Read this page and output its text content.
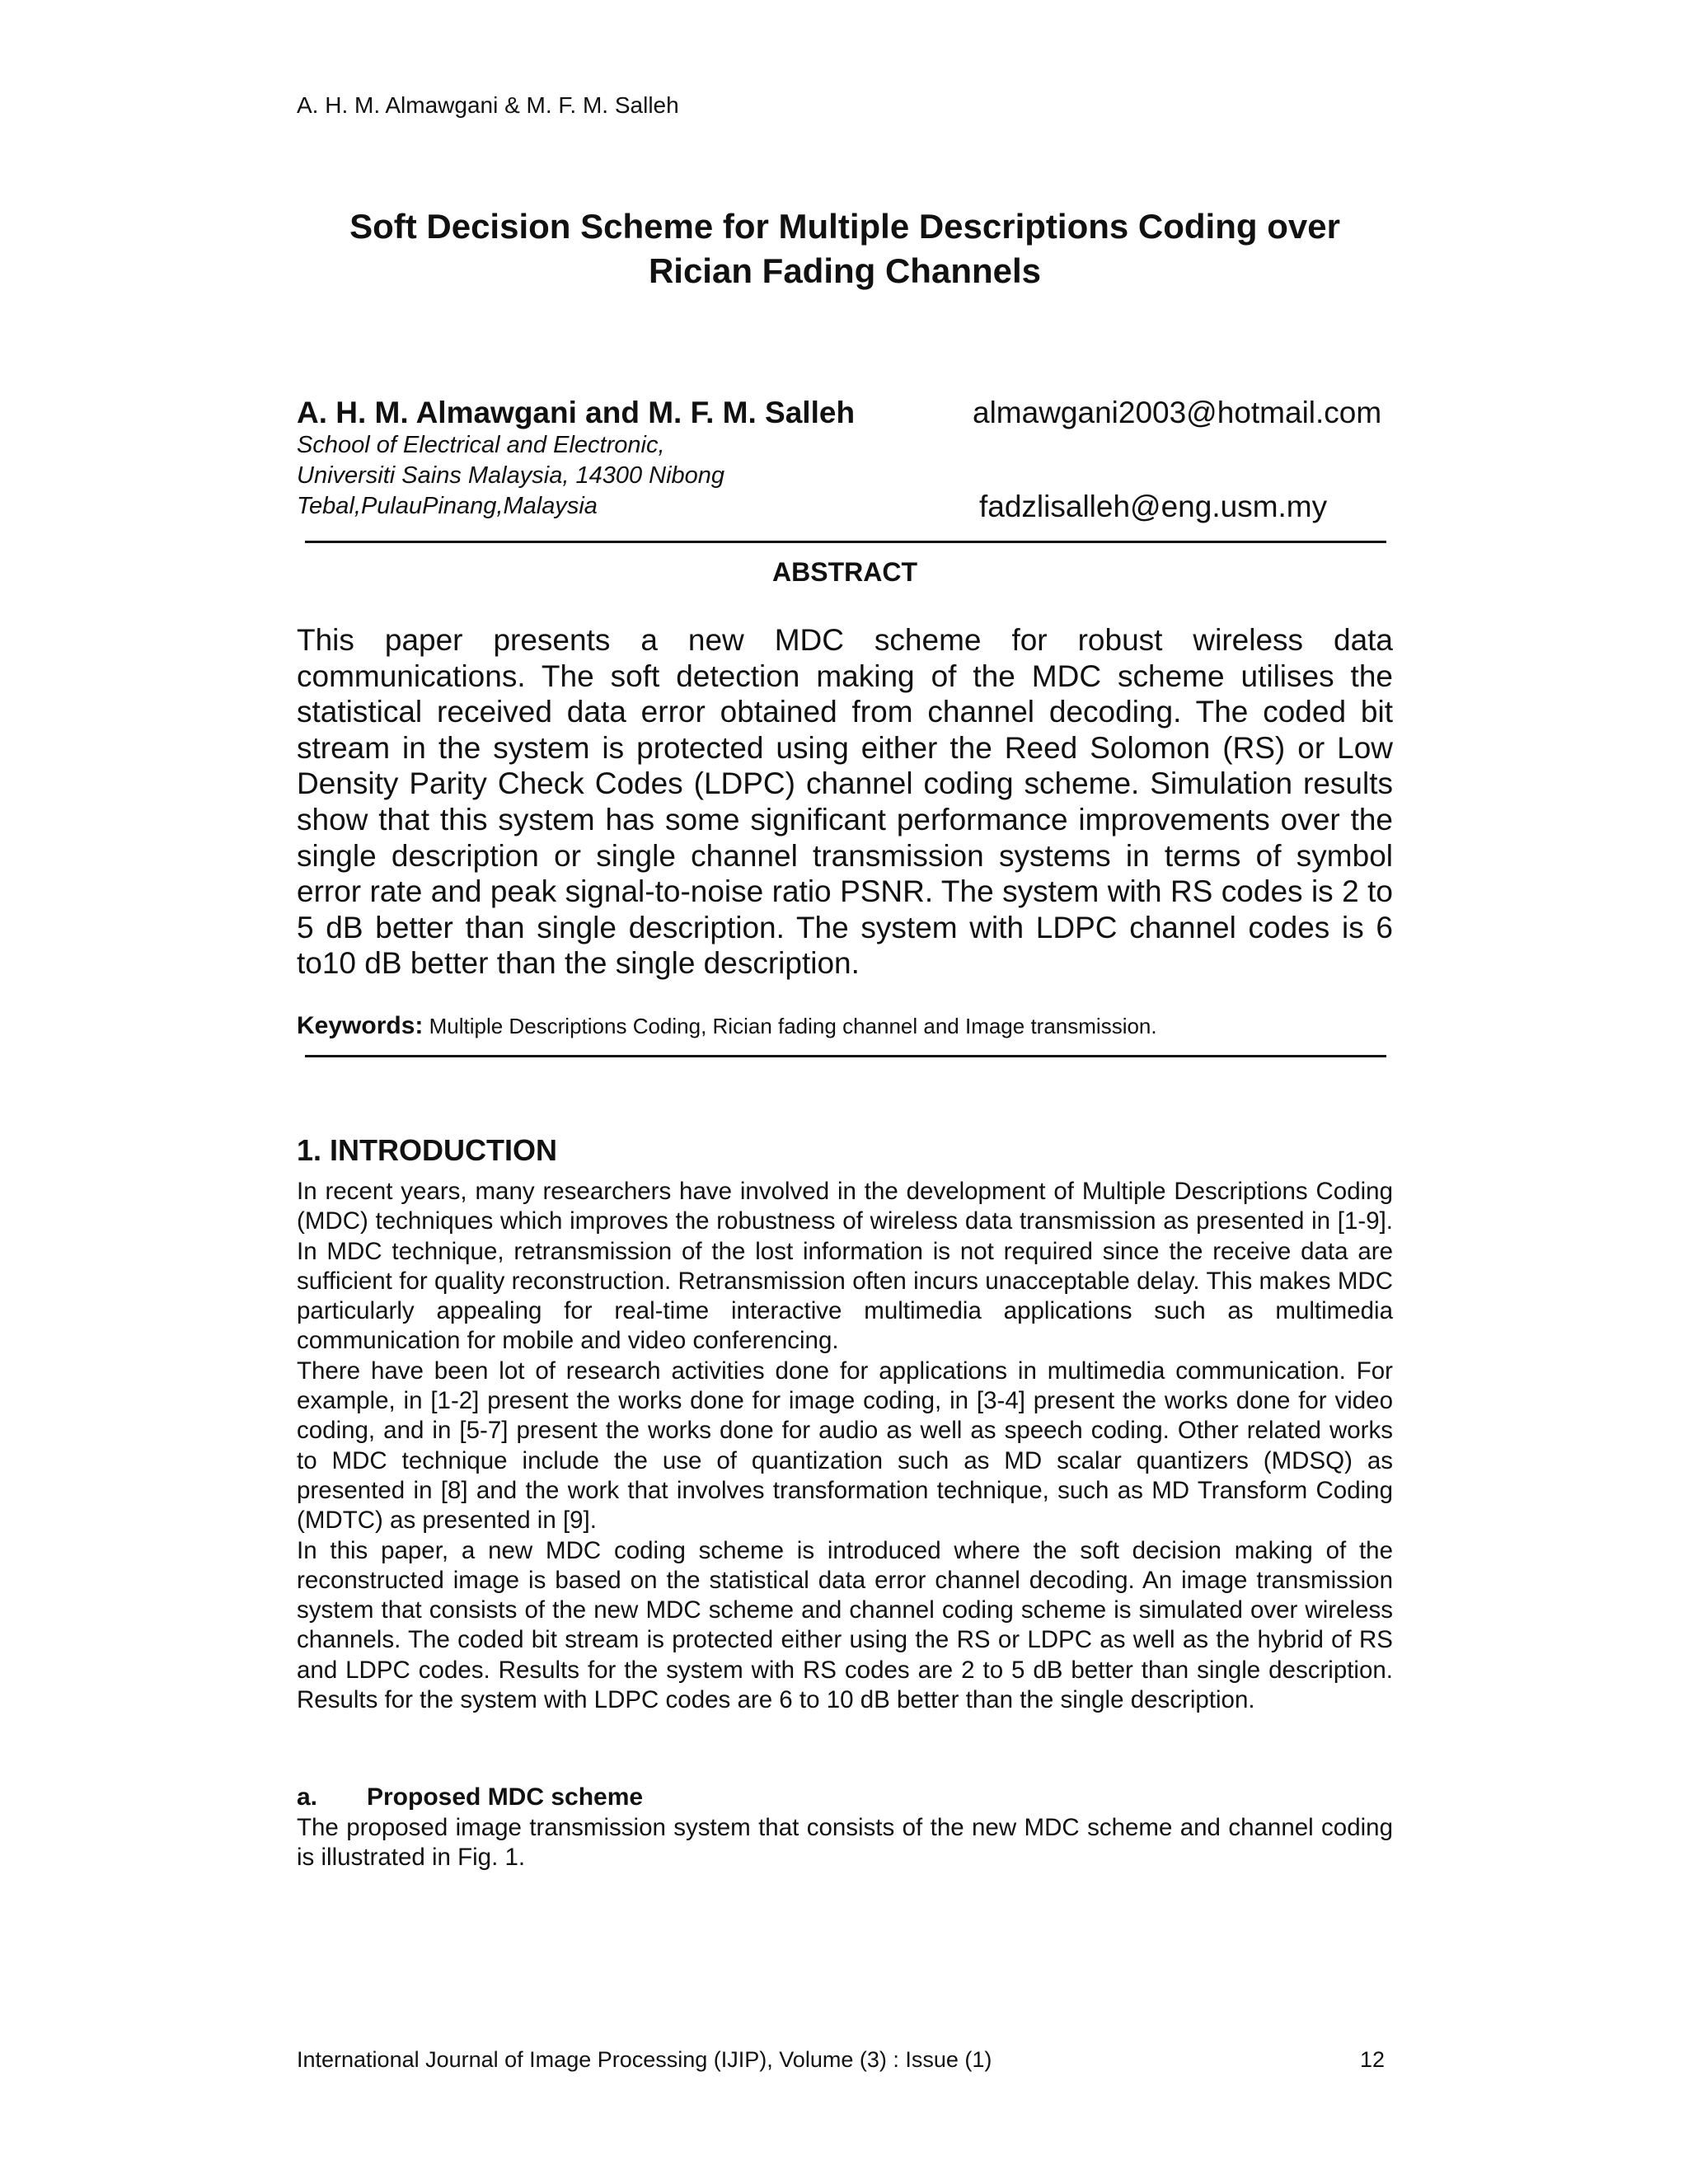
A. H. M. Almawgani & M. F. M. Salleh
Soft Decision Scheme for Multiple Descriptions Coding over
Rician Fading Channels
A. H. M. Almawgani and M. F. M. Salleh
School of Electrical and Electronic,
Universiti Sains Malaysia, 14300 Nibong
Tebal,PulauPinang,Malaysia
almawgani2003@hotmail.com
fadzlisalleh@eng.usm.my
ABSTRACT

This paper presents a new MDC scheme for robust wireless data communications. The soft detection making of the MDC scheme utilises the statistical received data error obtained from channel decoding. The coded bit stream in the system is protected using either the Reed Solomon (RS) or Low Density Parity Check Codes (LDPC) channel coding scheme. Simulation results show that this system has some significant performance improvements over the single description or single channel transmission systems in terms of symbol error rate and peak signal-to-noise ratio PSNR. The system with RS codes is 2 to 5 dB better than single description. The system with LDPC channel codes is 6 to10 dB better than the single description.

Keywords: Multiple Descriptions Coding, Rician fading channel and Image transmission.
1. INTRODUCTION

In recent years, many researchers have involved in the development of Multiple Descriptions Coding (MDC) techniques which improves the robustness of wireless data transmission as presented in [1-9]. In MDC technique, retransmission of the lost information is not required since the receive data are sufficient for quality reconstruction. Retransmission often incurs unacceptable delay. This makes MDC particularly appealing for real-time interactive multimedia applications such as multimedia communication for mobile and video conferencing.

There have been lot of research activities done for applications in multimedia communication. For example, in [1-2] present the works done for image coding, in [3-4] present the works done for video coding, and in [5-7] present the works done for audio as well as speech coding. Other related works to MDC technique include the use of quantization such as MD scalar quantizers (MDSQ) as presented in [8] and the work that involves transformation technique, such as MD Transform Coding (MDTC) as presented in [9].

In this paper, a new MDC coding scheme is introduced where the soft decision making of the reconstructed image is based on the statistical data error channel decoding. An image transmission system that consists of the new MDC scheme and channel coding scheme is simulated over wireless channels. The coded bit stream is protected either using the RS or LDPC as well as the hybrid of RS and LDPC codes. Results for the system with RS codes are 2 to 5 dB better than single description. Results for the system with LDPC codes are 6 to 10 dB better than the single description.

a. Proposed MDC scheme

The proposed image transmission system that consists of the new MDC scheme and channel coding is illustrated in Fig. 1.

International Journal of Image Processing (IJIP), Volume (3) : Issue (1)	12
